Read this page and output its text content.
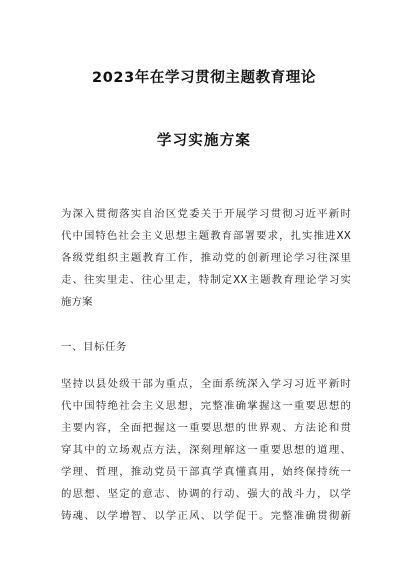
2023年在学习贯彻主题教育理论
学习实施方案
为深入贯彻落实自治区党委关于开展学习贯彻习近平新时
代中国特色社会主义思想主题教育部署要求，扎实推进XX
各级党组织主题教育工作，推动党的创新理论学习往深里
走、往实里走、往心里走，特制定XX主题教育理论学习实
施方案
一、目标任务
坚持以县处级干部为重点，全面系统深入学习习近平新时
代中国特绝社会主义思想，完整准确掌握这一重要思想的
主要内容，全面把握这一重要思想的世界观、方法论和贯
穿其中的立场观点方法，深刻理解这一重要思想的道理、
学理、哲理，推动党员干部真学真懂真用，始终保持统一
的思想、坚定的意志、协调的行动、强大的战斗力，以学
铸魂、以学增智、以学正风、以学促干。完整准确贯彻新
